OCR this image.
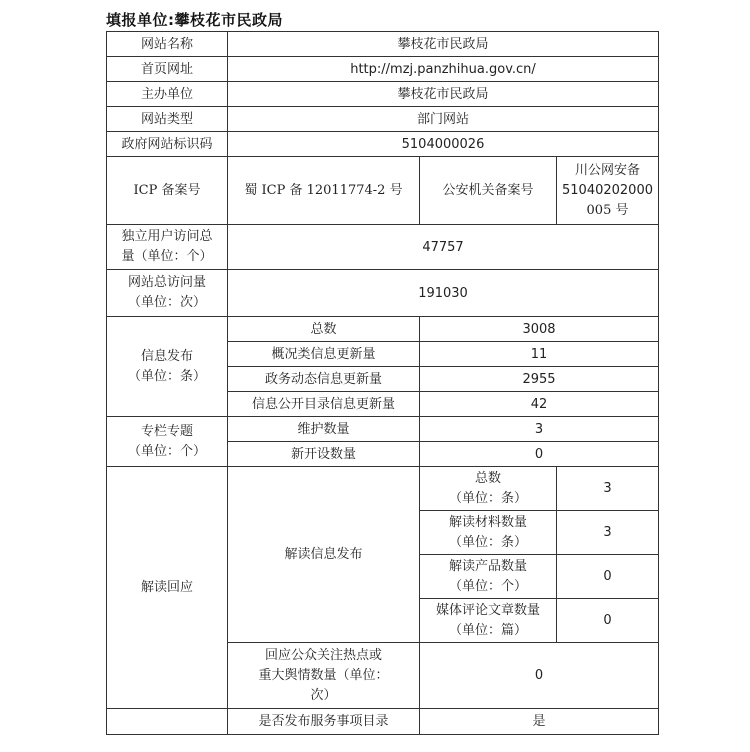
填报单位:攀枝花市民政局
网站名称	攀枝花市民政局		
首页网址	http://mzj.panzhihua.gov.cn/		
主办单位	攀枝花市民政局		
网站类型	部门网站		
政府网站标识码	5104000026		
ICP 备案号	蜀 ICP 备 12011774-2 号	公安机关备案号	川公网安备
51040202000
005 号

独立用户访问总
量（单位：个）	47757		

网站总访问量
（单位：次）	191030		

信息发布
（单位：条）	总数	3008	
	概况类信息更新量	11	
	政务动态信息更新量	2955	
	信息公开目录信息更新量	42	

专栏专题
（单位：个）	维护数量	3	
	新开设数量	0	
解读回应	解读信息发布	总数
（单位：条）	3

		解读材料数量
（单位：条）	3

		解读产品数量
（单位：个）	0

		媒体评论文章数量
（单位：篇）	0

	回应公众关注热点或
重大舆情数量（单位：
次）	0	
	是否发布服务事项目录	是	
